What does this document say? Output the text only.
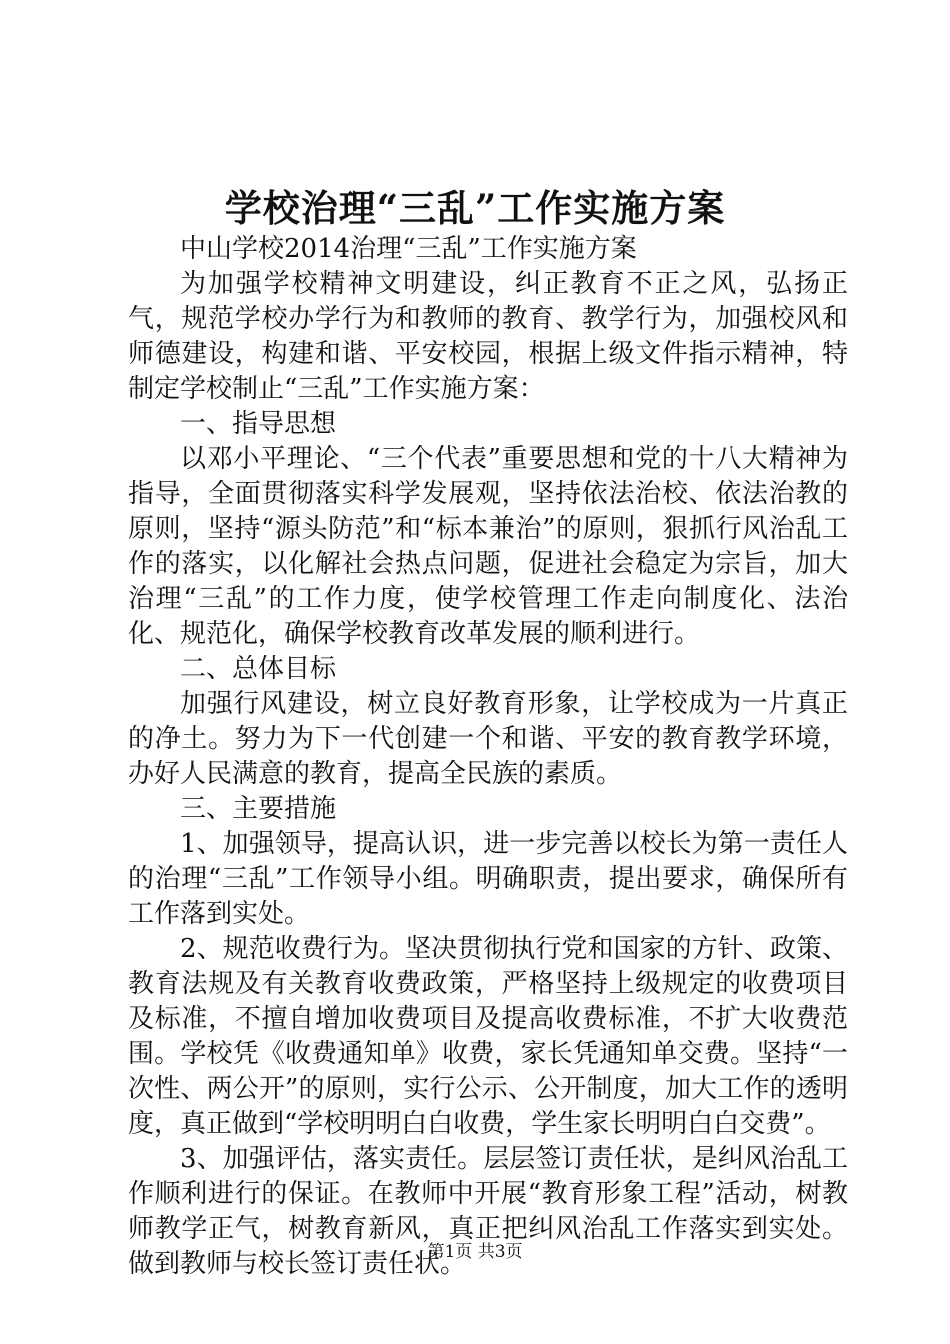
学校治理“三乱”工作实施方案

中山学校2014治理“三乱”工作实施方案

为加强学校精神文明建设，纠正教育不正之风，弘扬正气，规范学校办学行为和教师的教育、教学行为，加强校风和师德建设，构建和谐、平安校园，根据上级文件指示精神，特制定学校制止“三乱”工作实施方案：

一、指导思想

以邓小平理论、“三个代表”重要思想和党的十八大精神为指导，全面贯彻落实科学发展观，坚持依法治校、依法治教的原则，坚持“源头防范”和“标本兼治”的原则，狠抓行风治乱工作的落实，以化解社会热点问题，促进社会稳定为宗旨，加大治理“三乱”的工作力度，使学校管理工作走向制度化、法治化、规范化，确保学校教育改革发展的顺利进行。

二、总体目标

加强行风建设，树立良好教育形象，让学校成为一片真正的净土。努力为下一代创建一个和谐、平安的教育教学环境，办好人民满意的教育，提高全民族的素质。

三、主要措施

1、加强领导，提高认识，进一步完善以校长为第一责任人的治理“三乱”工作领导小组。明确职责，提出要求，确保所有工作落到实处。

2、规范收费行为。坚决贯彻执行党和国家的方针、政策、教育法规及有关教育收费政策，严格坚持上级规定的收费项目及标准，不擅自增加收费项目及提高收费标准，不扩大收费范围。学校凭《收费通知单》收费，家长凭通知单交费。坚持“一次性、两公开”的原则，实行公示、公开制度，加大工作的透明度，真正做到“学校明明白白收费，学生家长明明白白交费”。

3、加强评估，落实责任。层层签订责任状，是纠风治乱工作顺利进行的保证。在教师中开展“教育形象工程”活动，树教师教学正气，树教育新风，真正把纠风治乱工作落实到实处。做到教师与校长签订责任状。

第1页 共3页
